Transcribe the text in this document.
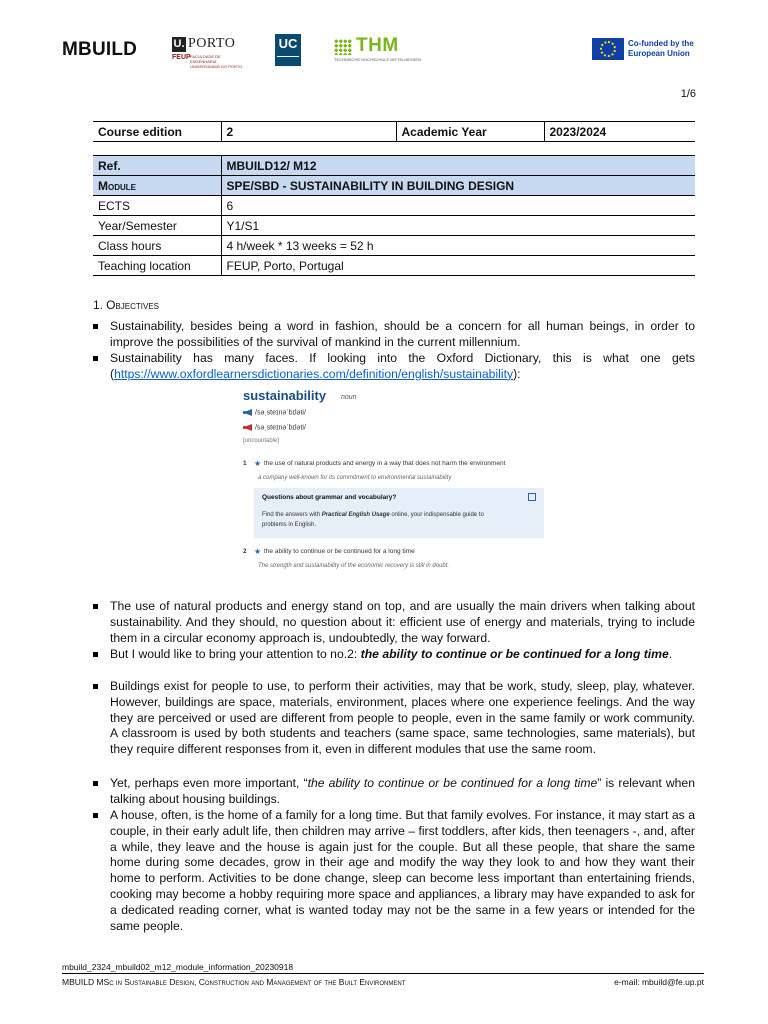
MBUILD	U. PORTO
FEUP FACULDADE DE ENGENHARIA UNIVERSIDADE DO PORTO
UC	THM
TECHNISCHE HOCHSCHULE MITTELHESSEN
Co-funded by the
European Union
1/6
Course edition	2	Academic Year	2023/2024
Ref.	MBUILD12/ M12
Module	SPE/SBD - SUSTAINABILITY IN BUILDING DESIGN
ECTS	6
Year/Semester	Y1/S1
Class hours	4 h/week * 13 weeks = 52 h
Teaching location	FEUP, Porto, Portugal
1. Objectives
Sustainability, besides being a word in fashion, should be a concern for all human beings, in order to improve the possibilities of the survival of mankind in the current millennium.
Sustainability has many faces. If looking into the Oxford Dictionary, this is what one gets (https://www.oxfordlearnersdictionaries.com/definition/english/sustainability):
sustainability noun
/səˌsteɪnəˈbɪləti/
/səˌsteɪnəˈbɪləti/
[uncountable]
1 ★ the use of natural products and energy in a way that does not harm the environment
a company well-known for its commitment to environmental sustainability
Questions about grammar and vocabulary?
Find the answers with Practical English Usage online, your indispensable guide to problems in English.
2 ★ the ability to continue or be continued for a long time
The strength and sustainability of the economic recovery is still in doubt.
The use of natural products and energy stand on top, and are usually the main drivers when talking about sustainability. And they should, no question about it: efficient use of energy and materials, trying to include them in a circular economy approach is, undoubtedly, the way forward.
But I would like to bring your attention to no.2: the ability to continue or be continued for a long time.
Buildings exist for people to use, to perform their activities, may that be work, study, sleep, play, whatever. However, buildings are space, materials, environment, places where one experience feelings. And the way they are perceived or used are different from people to people, even in the same family or work community. A classroom is used by both students and teachers (same space, same technologies, same materials), but they require different responses from it, even in different modules that use the same room.
Yet, perhaps even more important, “the ability to continue or be continued for a long time” is relevant when talking about housing buildings.
A house, often, is the home of a family for a long time. But that family evolves. For instance, it may start as a couple, in their early adult life, then children may arrive – first toddlers, after kids, then teenagers -, and, after a while, they leave and the house is again just for the couple. But all these people, that share the same home during some decades, grow in their age and modify the way they look to and how they want their home to perform. Activities to be done change, sleep can become less important than entertaining friends, cooking may become a hobby requiring more space and appliances, a library may have expanded to ask for a dedicated reading corner, what is wanted today may not be the same in a few years or intended for the same people.
mbuild_2324_mbuild02_m12_module_information_20230918
MBUILD MSc in Sustainable Design, Construction and Management of the Built Environment	e-mail: mbuild@fe.up.pt
